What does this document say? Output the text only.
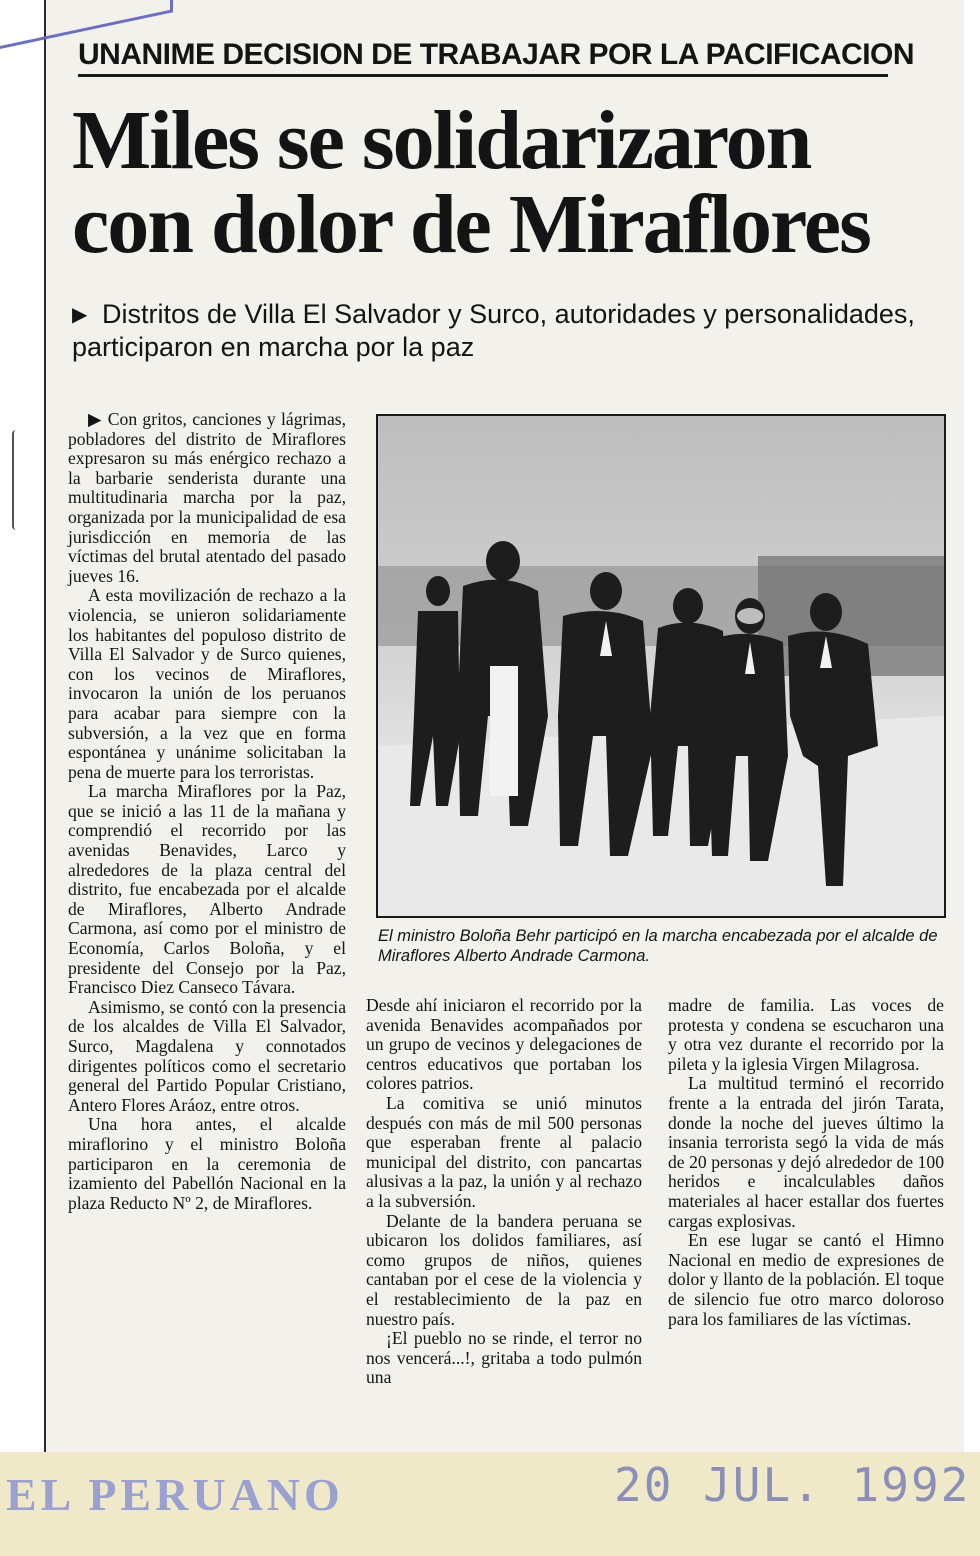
UNANIME DECISION DE TRABAJAR POR LA PACIFICACION
Miles se solidarizaron
con dolor de Miraflores
▶ Distritos de Villa El Salvador y Surco, autoridades y personalidades, participaron en marcha por la paz

▶ Con gritos, canciones y lágrimas, pobladores del distrito de Miraflores expresaron su más enérgico rechazo a la barbarie senderista durante una multitudinaria marcha por la paz, organizada por la municipalidad de esa jurisdicción en memoria de las víctimas del brutal atentado del pasado jueves 16.

A esta movilización de rechazo a la violencia, se unieron solidariamente los habitantes del populoso distrito de Villa El Salvador y de Surco quienes, con los vecinos de Miraflores, invocaron la unión de los peruanos para acabar para siempre con la subversión, a la vez que en forma espontánea y unánime solicitaban la pena de muerte para los terroristas.

La marcha Miraflores por la Paz, que se inició a las 11 de la mañana y comprendió el recorrido por las avenidas Benavides, Larco y alrededores de la plaza central del distrito, fue encabezada por el alcalde de Miraflores, Alberto Andrade Carmona, así como por el ministro de Economía, Carlos Boloña, y el presidente del Consejo por la Paz, Francisco Diez Canseco Távara.

Asimismo, se contó con la presencia de los alcaldes de Villa El Salvador, Surco, Magdalena y connotados dirigentes políticos como el secretario general del Partido Popular Cristiano, Antero Flores Aráoz, entre otros.

Una hora antes, el alcalde miraflorino y el ministro Boloña participaron en la ceremonia de izamiento del Pabellón Nacional en la plaza Reducto Nº 2, de Miraflores.

El ministro Boloña Behr participó en la marcha encabezada por el alcalde de Miraflores Alberto Andrade Carmona.

Desde ahí iniciaron el recorrido por la avenida Benavides acompañados por un grupo de vecinos y delegaciones de centros educativos que portaban los colores patrios.

La comitiva se unió minutos después con más de mil 500 personas que esperaban frente al palacio municipal del distrito, con pancartas alusivas a la paz, la unión y al rechazo a la subversión.

Delante de la bandera peruana se ubicaron los dolidos familiares, así como grupos de niños, quienes cantaban por el cese de la violencia y el restablecimiento de la paz en nuestro país.

¡El pueblo no se rinde, el terror no nos vencerá...!, gritaba a todo pulmón una

madre de familia. Las voces de protesta y condena se escucharon una y otra vez durante el recorrido por la pileta y la iglesia Virgen Milagrosa.

La multitud terminó el recorrido frente a la entrada del jirón Tarata, donde la noche del jueves último la insania terrorista segó la vida de más de 20 personas y dejó alrededor de 100 heridos e incalculables daños materiales al hacer estallar dos fuertes cargas explosivas.

En ese lugar se cantó el Himno Nacional en medio de expresiones de dolor y llanto de la población. El toque de silencio fue otro marco doloroso para los familiares de las víctimas.

EL PERUANO	20 JUL. 1992
